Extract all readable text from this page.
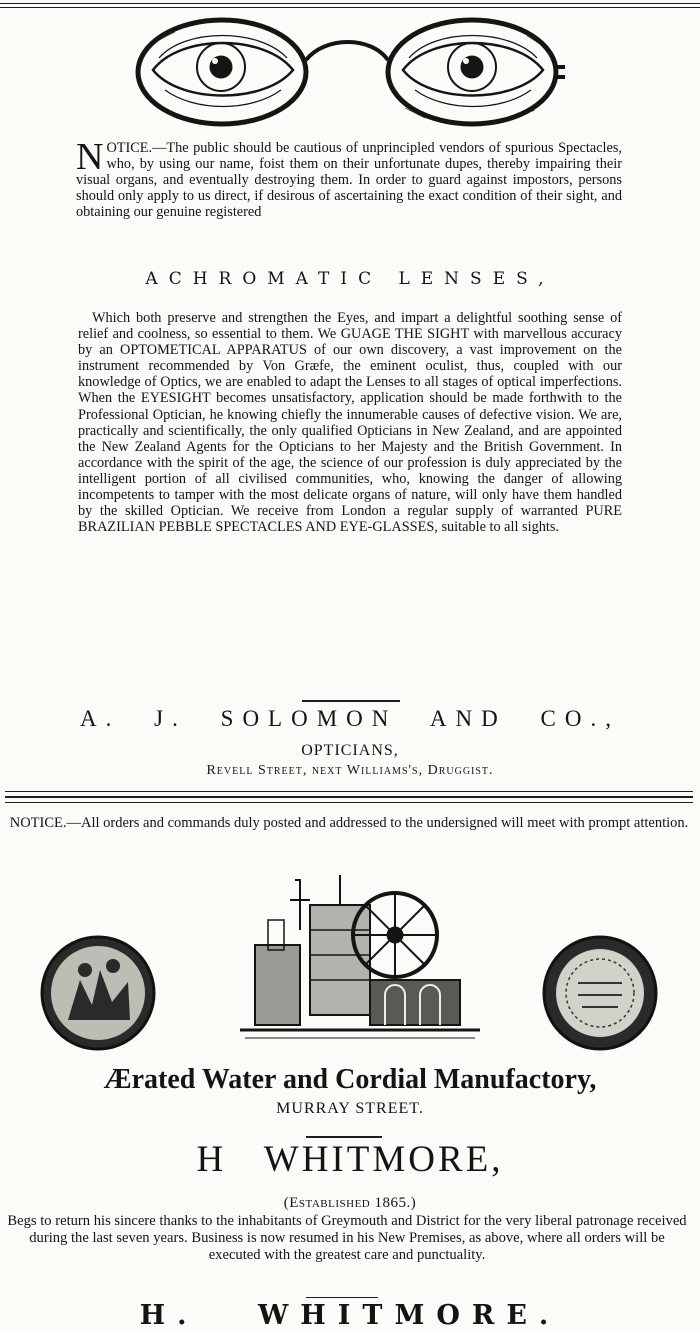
NOTICE.—The public should be cautious of unprincipled vendors of spurious Spectacles, who, by using our name, foist them on their unfortunate dupes, thereby impairing their visual organs, and eventually destroying them. In order to guard against impostors, persons should only apply to us direct, if desirous of ascertaining the exact condition of their sight, and obtaining our genuine registered
ACHROMATIC LENSES,
Which both preserve and strengthen the Eyes, and impart a delightful soothing sense of relief and coolness, so essential to them. We GUAGE THE SIGHT with marvellous accuracy by an OPTOMETICAL APPARATUS of our own discovery, a vast improvement on the instrument recommended by Von Græfe, the eminent oculist, thus, coupled with our knowledge of Optics, we are enabled to adapt the Lenses to all stages of optical imperfections. When the EYESIGHT becomes unsatisfactory, application should be made forthwith to the Professional Optician, he knowing chiefly the innumerable causes of defective vision. We are, practically and scientifically, the only qualified Opticians in New Zealand, and are appointed the New Zealand Agents for the Opticians to her Majesty and the British Government. In accordance with the spirit of the age, the science of our profession is duly appreciated by the intelligent portion of all civilised communities, who, knowing the danger of allowing incompetents to tamper with the most delicate organs of nature, will only have them handled by the skilled Optician. We receive from London a regular supply of warranted PURE BRAZILIAN PEBBLE SPECTACLES AND EYE-GLASSES, suitable to all sights.
A. J. SOLOMON AND CO.,
OPTICIANS,
Revell Street, next Williams's, Druggist.
NOTICE.—All orders and commands duly posted and addressed to the undersigned will meet with prompt attention.
Ærated Water and Cordial Manufactory,
MURRAY STREET.
H WHITMORE,
(Established 1865.)
Begs to return his sincere thanks to the inhabitants of Greymouth and District for the very liberal patronage received during the last seven years. Business is now resumed in his New Premises, as above, where all orders will be executed with the greatest care and punctuality.
H. WHITMORE.
